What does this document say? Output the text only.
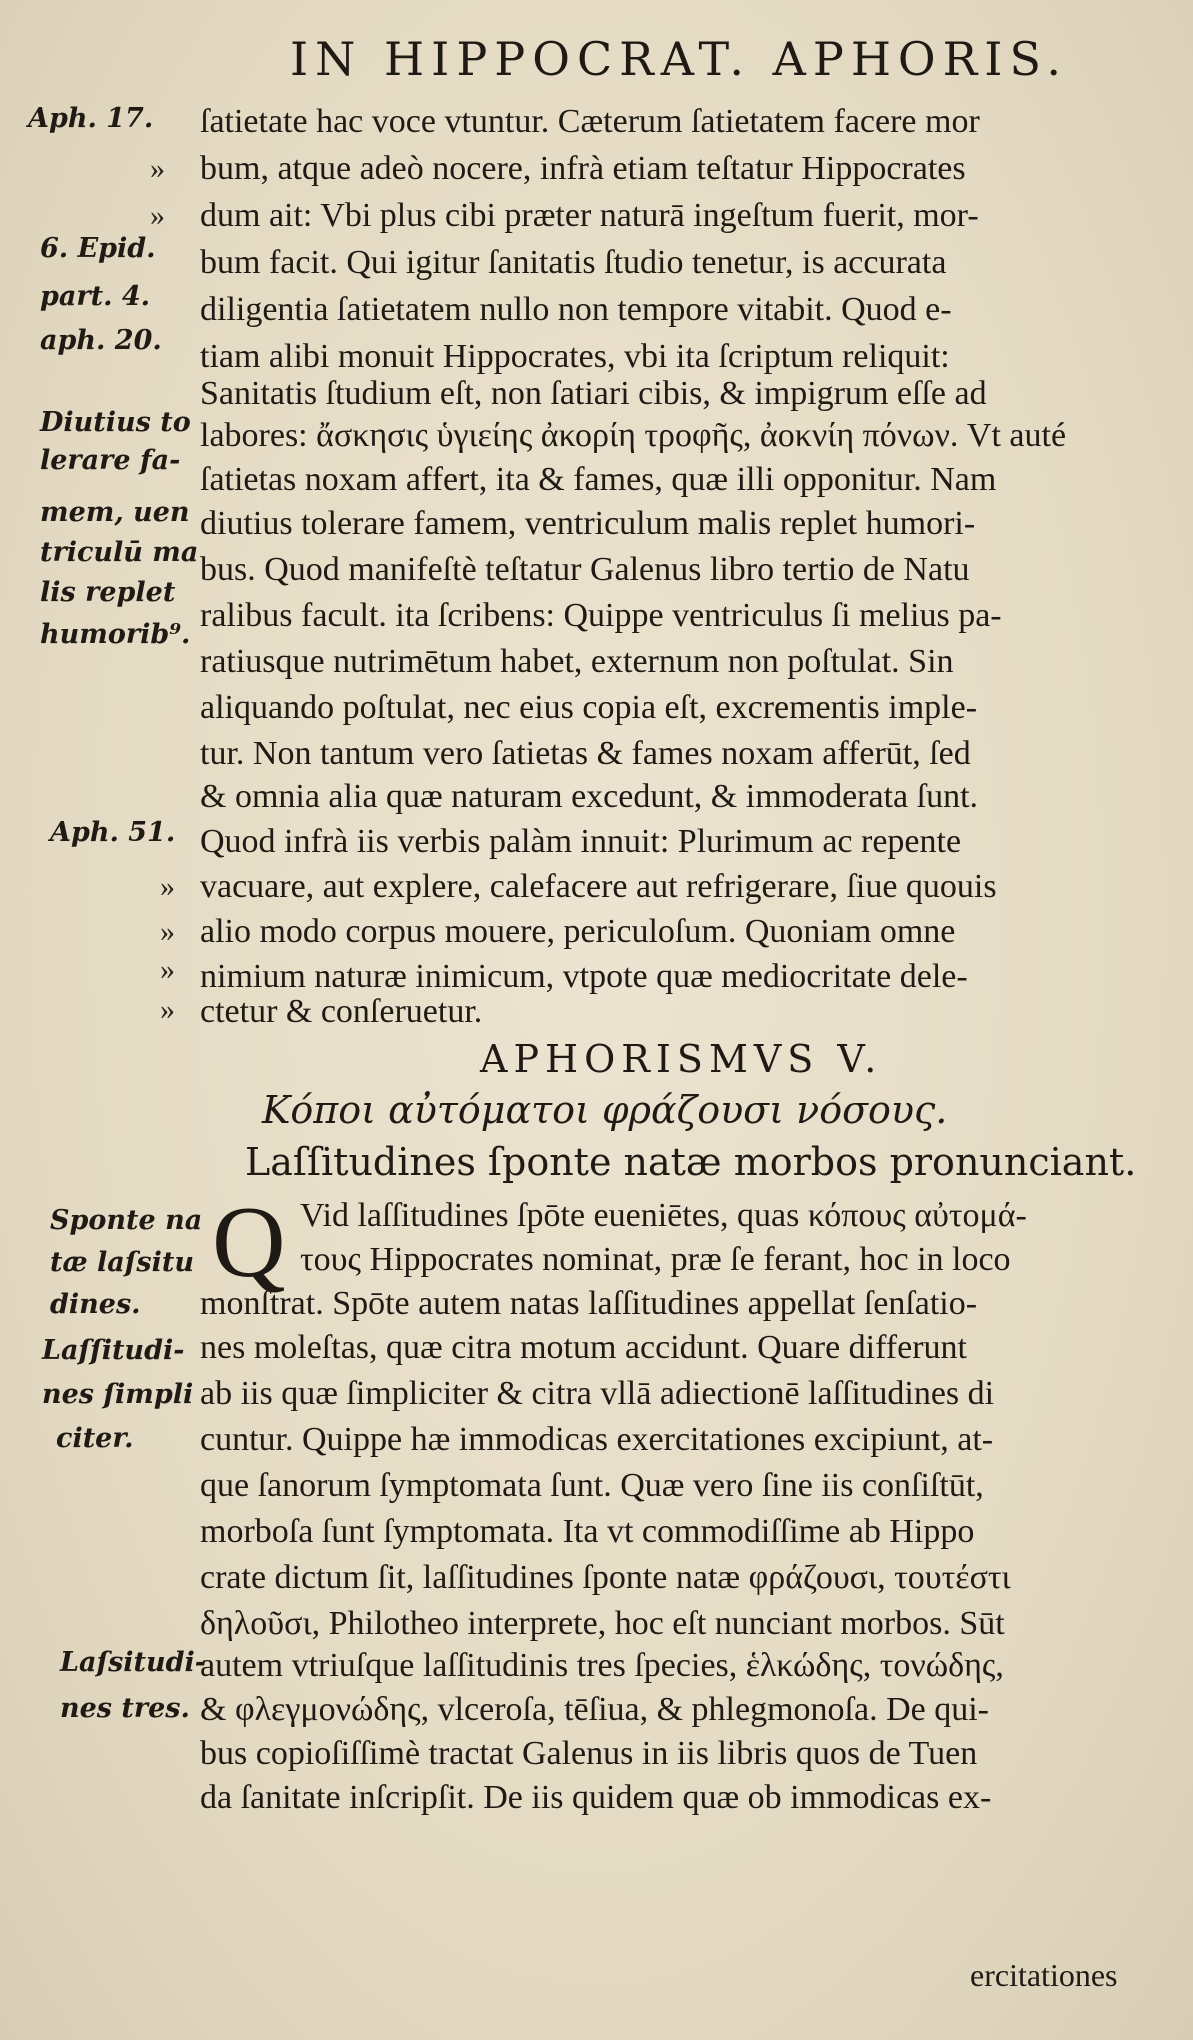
IN HIPPOCRAT. APHORIS.
ſatietate hac voce vtuntur. Cæterum ſatietatem facere mor
bum, atque adeò nocere, infrà etiam teſtatur Hippocrates
dum ait: Vbi plus cibi præter naturā ingeſtum fuerit, mor-
bum facit. Qui igitur ſanitatis ſtudio tenetur, is accurata
diligentia ſatietatem nullo non tempore vitabit. Quod e-
tiam alibi monuit Hippocrates, vbi ita ſcriptum reliquit:
Sanitatis ſtudium eſt, non ſatiari cibis, & impigrum eſſe ad
labores: ἄσκησις ὑγιείης ἀκορίη τροφῆς, ἀοκνίη πόνων. Vt auté
ſatietas noxam affert, ita & fames, quæ illi opponitur. Nam
diutius tolerare famem, ventriculum malis replet humori-
bus. Quod manifeſtè teſtatur Galenus libro tertio de Natu
ralibus facult. ita ſcribens: Quippe ventriculus ſi melius pa-
ratiusque nutrimētum habet, externum non poſtulat. Sin
aliquando poſtulat, nec eius copia eſt, excrementis imple-
tur. Non tantum vero ſatietas & fames noxam afferūt, ſed
& omnia alia quæ naturam excedunt, & immoderata ſunt.
Quod infrà iis verbis palàm innuit: Plurimum ac repente
vacuare, aut explere, calefacere aut refrigerare, ſiue quouis
alio modo corpus mouere, periculoſum. Quoniam omne
nimium naturæ inimicum, vtpote quæ mediocritate dele-
ctetur & conſeruetur.
»
»
»
»
»
»
Aph. 17.
6. Epid.
part. 4.
aph. 20.
Diutius to
lerare fa-
mem, uen
triculū ma
lis replet
humorib⁹.
Aph. 51.
APHORISMVS V.
Κόποι αὐτόματοι φράζουσι νόσους.
Laſſitudines ſponte natæ morbos pronunciant.
Q Vid laſſitudines ſpōte eueniētes, quas κόπους αὐτομά-
τους Hippocrates nominat, præ ſe ferant, hoc in loco
monſtrat. Spōte autem natas laſſitudines appellat ſenſatio-
nes moleſtas, quæ citra motum accidunt. Quare differunt
ab iis quæ ſimpliciter & citra vllā adiectionē laſſitudines di
cuntur. Quippe hæ immodicas exercitationes excipiunt, at-
que ſanorum ſymptomata ſunt. Quæ vero ſine iis conſiſtūt,
morboſa ſunt ſymptomata. Ita vt commodiſſime ab Hippo
crate dictum ſit, laſſitudines ſponte natæ φράζουσι, τουτέστι
δηλοῦσι, Philotheo interprete, hoc eſt nunciant morbos. Sūt
autem vtriuſque laſſitudinis tres ſpecies, ἑλκώδης, τονώδης,
& φλεγμονώδης, vlceroſa, tēſiua, & phlegmonoſa. De qui-
bus copioſiſſimè tractat Galenus in iis libris quos de Tuen
da ſanitate inſcripſit. De iis quidem quæ ob immodicas ex-
Sponte na
tæ laſsitu
dines.
Laſſitudi-
nes ſimpli
citer.
Laſsitudi-
nes tres.
ercitationes
